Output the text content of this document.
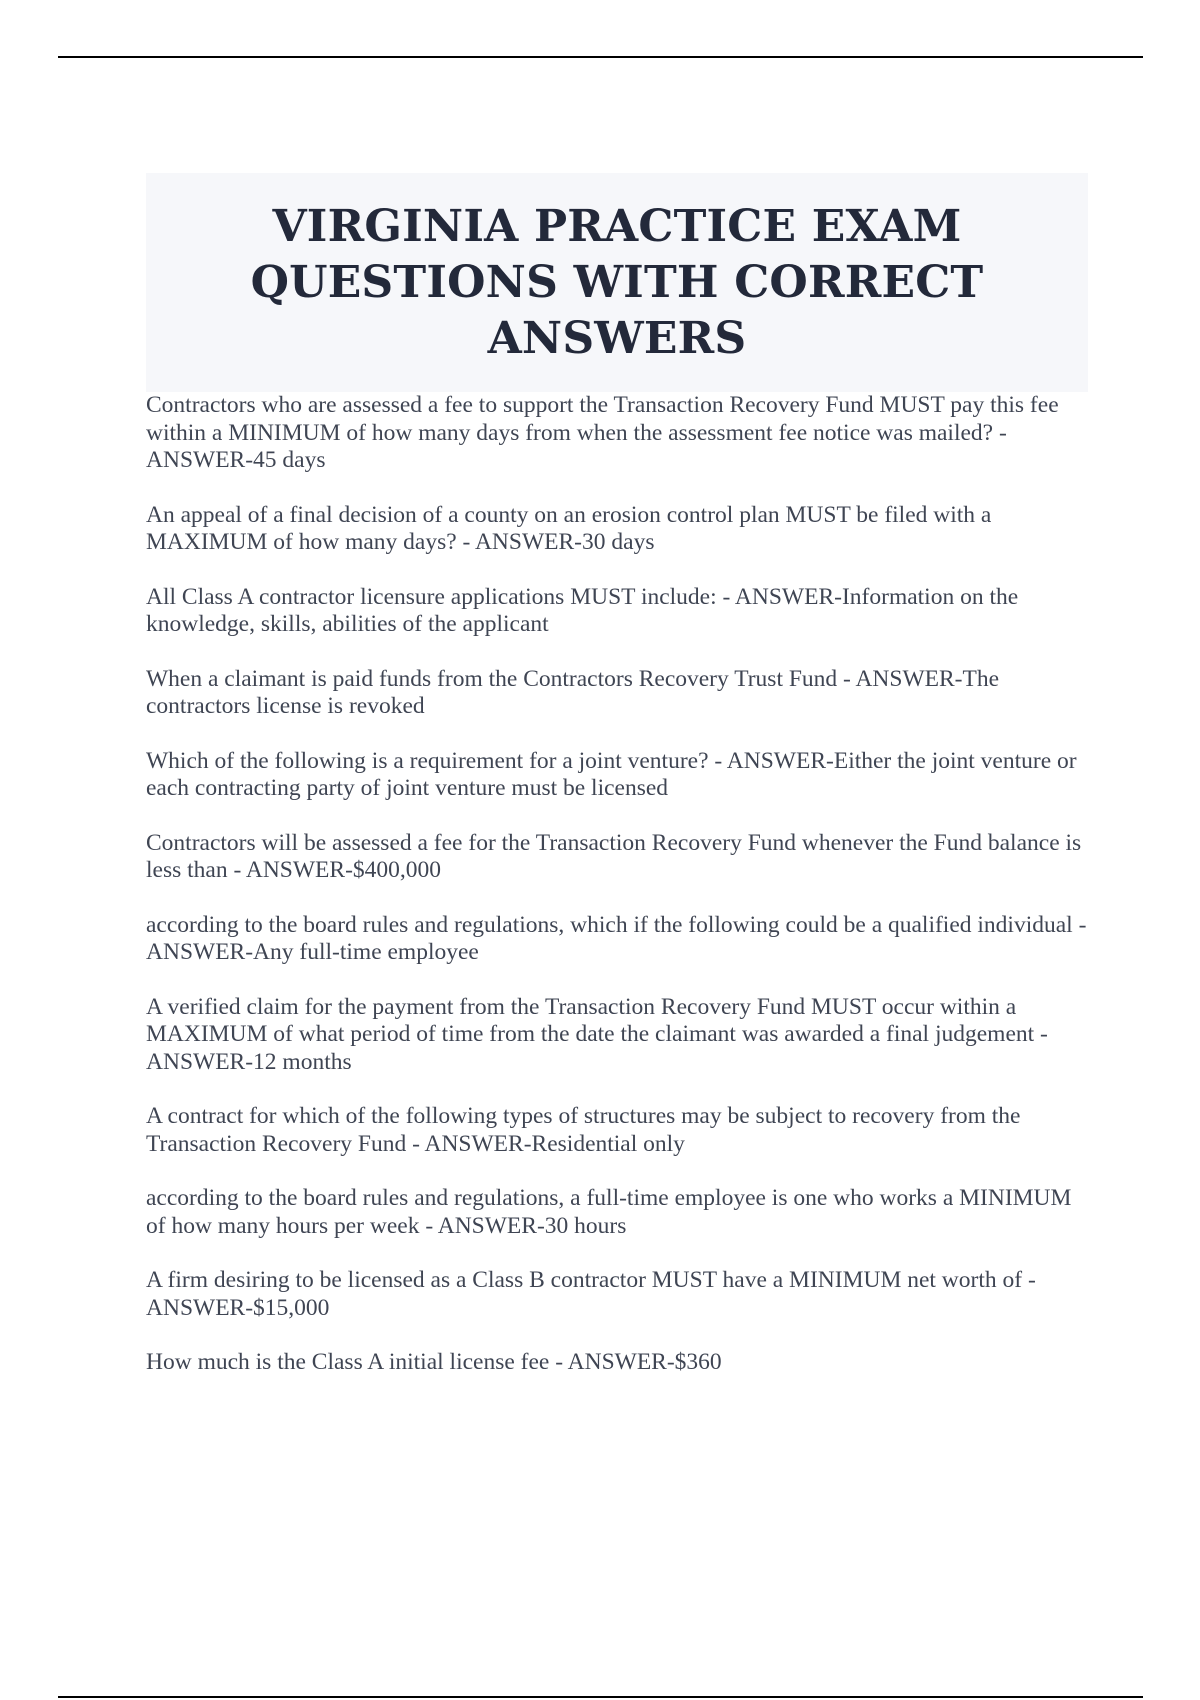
VIRGINIA PRACTICE EXAM QUESTIONS WITH CORRECT ANSWERS
Contractors who are assessed a fee to support the Transaction Recovery Fund MUST pay this fee within a MINIMUM of how many days from when the assessment fee notice was mailed? - ANSWER-45 days
An appeal of a final decision of a county on an erosion control plan MUST be filed with a MAXIMUM of how many days? - ANSWER-30 days
All Class A contractor licensure applications MUST include: - ANSWER-Information on the knowledge, skills, abilities of the applicant
When a claimant is paid funds from the Contractors Recovery Trust Fund - ANSWER-The contractors license is revoked
Which of the following is a requirement for a joint venture? - ANSWER-Either the joint venture or each contracting party of joint venture must be licensed
Contractors will be assessed a fee for the Transaction Recovery Fund whenever the Fund balance is less than - ANSWER-$400,000
according to the board rules and regulations, which if the following could be a qualified individual - ANSWER-Any full-time employee
A verified claim for the payment from the Transaction Recovery Fund MUST occur within a MAXIMUM of what period of time from the date the claimant was awarded a final judgement - ANSWER-12 months
A contract for which of the following types of structures may be subject to recovery from the Transaction Recovery Fund - ANSWER-Residential only
according to the board rules and regulations, a full-time employee is one who works a MINIMUM of how many hours per week - ANSWER-30 hours
A firm desiring to be licensed as a Class B contractor MUST have a MINIMUM net worth of - ANSWER-$15,000
How much is the Class A initial license fee - ANSWER-$360
